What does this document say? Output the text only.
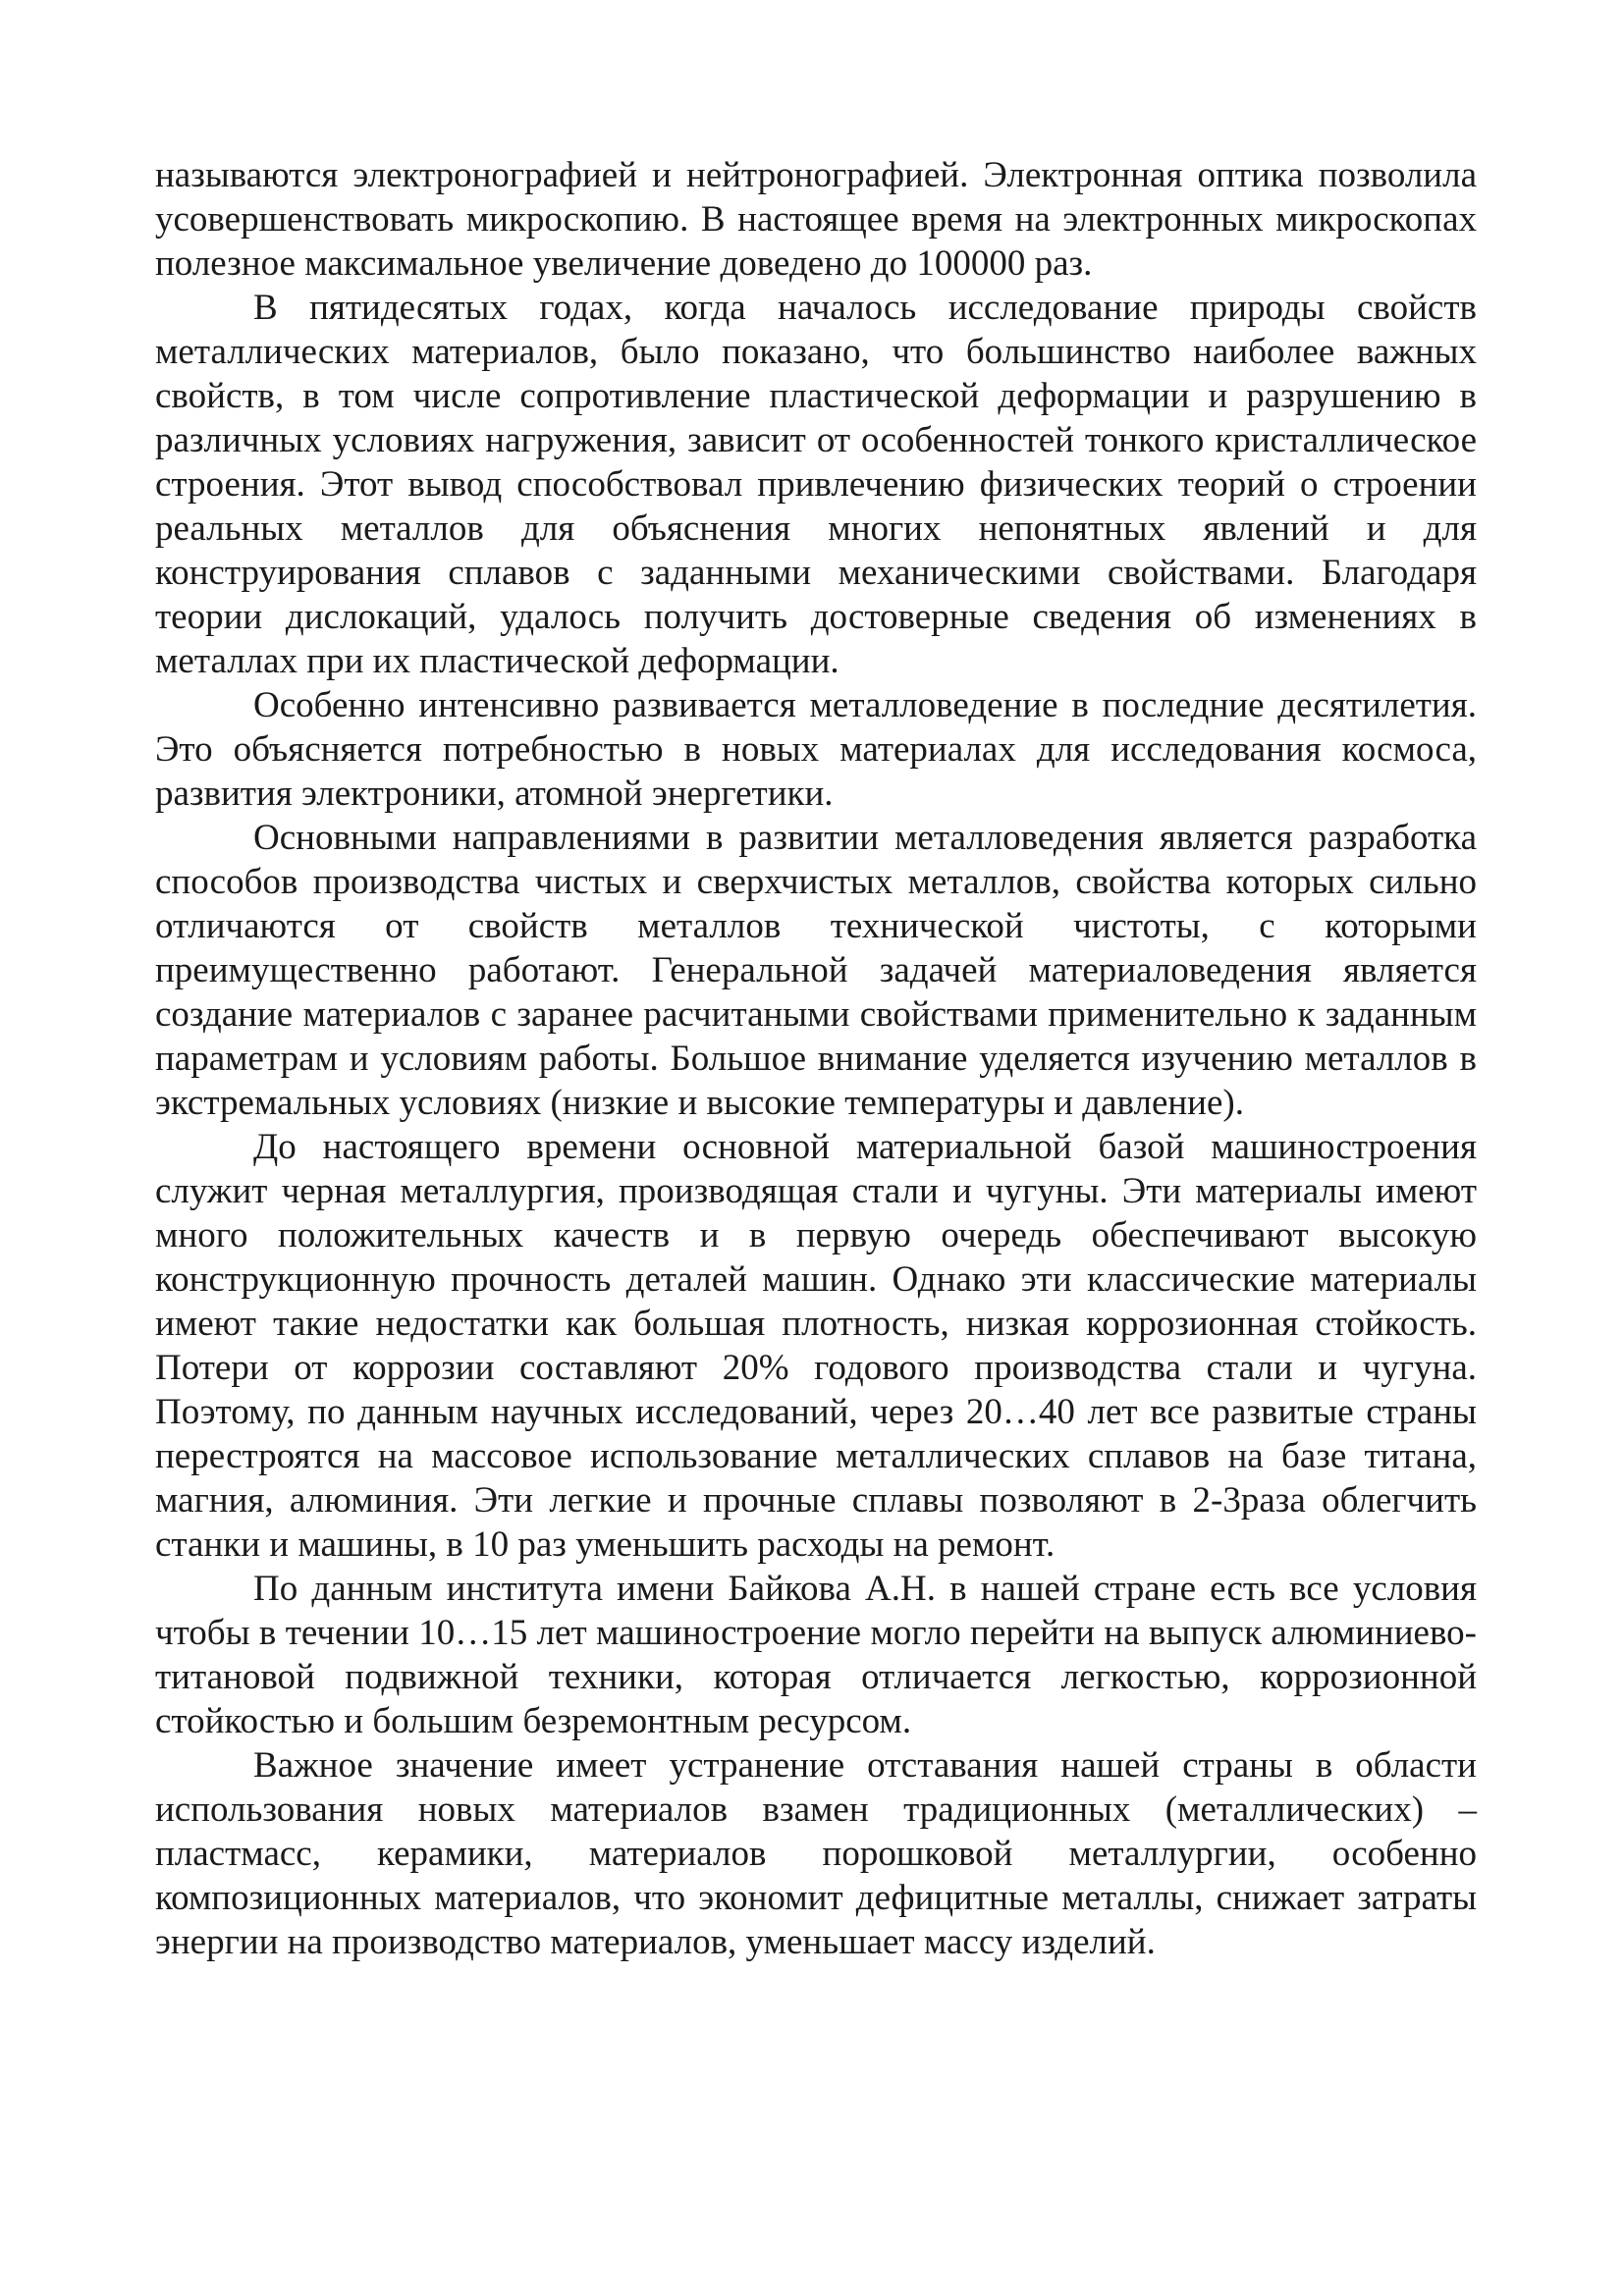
называются электронографией и нейтронографией. Электронная оптика позволила усовершенствовать микроскопию. В настоящее время на электронных микроскопах полезное максимальное увеличение доведено до 100000 раз.

В пятидесятых годах, когда началось исследование природы свойств металлических материалов, было показано, что большинство наиболее важных свойств, в том числе сопротивление пластической деформации и разрушению в различных условиях нагружения, зависит от особенностей тонкого кристаллическое строения. Этот вывод способствовал привлечению физических теорий о строении реальных металлов для объяснения многих непонятных явлений и для конструирования сплавов с заданными механическими свойствами. Благодаря теории дислокаций, удалось получить достоверные сведения об изменениях в металлах при их пластической деформации.

Особенно интенсивно развивается металловедение в последние десятилетия. Это объясняется потребностью в новых материалах для исследования космоса, развития электроники, атомной энергетики.

Основными направлениями в развитии металловедения является разработка способов производства чистых и сверхчистых металлов, свойства которых сильно отличаются от свойств металлов технической чистоты, с которыми преимущественно работают. Генеральной задачей материаловедения является создание материалов с заранее расчитаными свойствами применительно к заданным параметрам и условиям работы. Большое внимание уделяется изучению металлов в экстремальных условиях (низкие и высокие температуры и давление).

До настоящего времени основной материальной базой машиностроения служит черная металлургия, производящая стали и чугуны. Эти материалы имеют много положительных качеств и в первую очередь обеспечивают высокую конструкционную прочность деталей машин. Однако эти классические материалы имеют такие недостатки как большая плотность, низкая коррозионная стойкость. Потери от коррозии составляют 20% годового производства стали и чугуна. Поэтому, по данным научных исследований, через 20…40 лет все развитые страны перестроятся на массовое использование металлических сплавов на базе титана, магния, алюминия. Эти легкие и прочные сплавы позволяют в 2-3раза облегчить станки и машины, в 10 раз уменьшить расходы на ремонт.

По данным института имени Байкова А.Н. в нашей стране есть все условия чтобы в течении 10…15 лет машиностроение могло перейти на выпуск алюминиево-титановой подвижной техники, которая отличается легкостью, коррозионной стойкостью и большим безремонтным ресурсом.

Важное значение имеет устранение отставания нашей страны в области использования новых материалов взамен традиционных (металлических) – пластмасс, керамики, материалов порошковой металлургии, особенно композиционных материалов, что экономит дефицитные металлы, снижает затраты энергии на производство материалов, уменьшает массу изделий.
